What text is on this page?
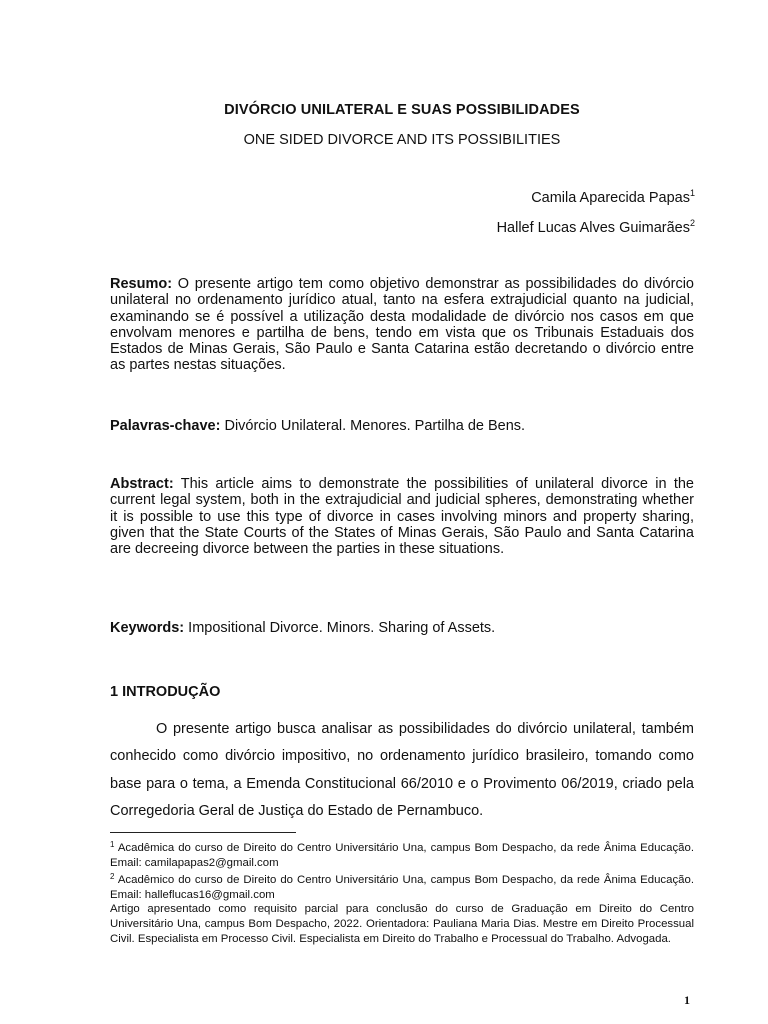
DIVÓRCIO UNILATERAL E SUAS POSSIBILIDADES
ONE SIDED DIVORCE AND ITS POSSIBILITIES
Camila Aparecida Papas$^1$
Hallef Lucas Alves Guimarães$^2$
Resumo: O presente artigo tem como objetivo demonstrar as possibilidades do divórcio unilateral no ordenamento jurídico atual, tanto na esfera extrajudicial quanto na judicial, examinando se é possível a utilização desta modalidade de divórcio nos casos em que envolvam menores e partilha de bens, tendo em vista que os Tribunais Estaduais dos Estados de Minas Gerais, São Paulo e Santa Catarina estão decretando o divórcio entre as partes nestas situações.
Palavras-chave: Divórcio Unilateral. Menores. Partilha de Bens.
Abstract: This article aims to demonstrate the possibilities of unilateral divorce in the current legal system, both in the extrajudicial and judicial spheres, demonstrating whether it is possible to use this type of divorce in cases involving minors and property sharing, given that the State Courts of the States of Minas Gerais, São Paulo and Santa Catarina are decreeing divorce between the parties in these situations.
Keywords: Impositional Divorce. Minors. Sharing of Assets.
1 INTRODUÇÃO
O presente artigo busca analisar as possibilidades do divórcio unilateral, também conhecido como divórcio impositivo, no ordenamento jurídico brasileiro, tomando como base para o tema, a Emenda Constitucional 66/2010 e o Provimento 06/2019, criado pela Corregedoria Geral de Justiça do Estado de Pernambuco.

$^1$ Acadêmica do curso de Direito do Centro Universitário Una, campus Bom Despacho, da rede Ânima Educação. Email: camilapapas2@gmail.com

$^2$ Acadêmico do curso de Direito do Centro Universitário Una, campus Bom Despacho, da rede Ânima Educação. Email: halleflucas16@gmail.com

Artigo apresentado como requisito parcial para conclusão do curso de Graduação em Direito do Centro Universitário Una, campus Bom Despacho, 2022. Orientadora: Pauliana Maria Dias. Mestre em Direito Processual Civil. Especialista em Processo Civil. Especialista em Direito do Trabalho e Processual do Trabalho. Advogada.

1
